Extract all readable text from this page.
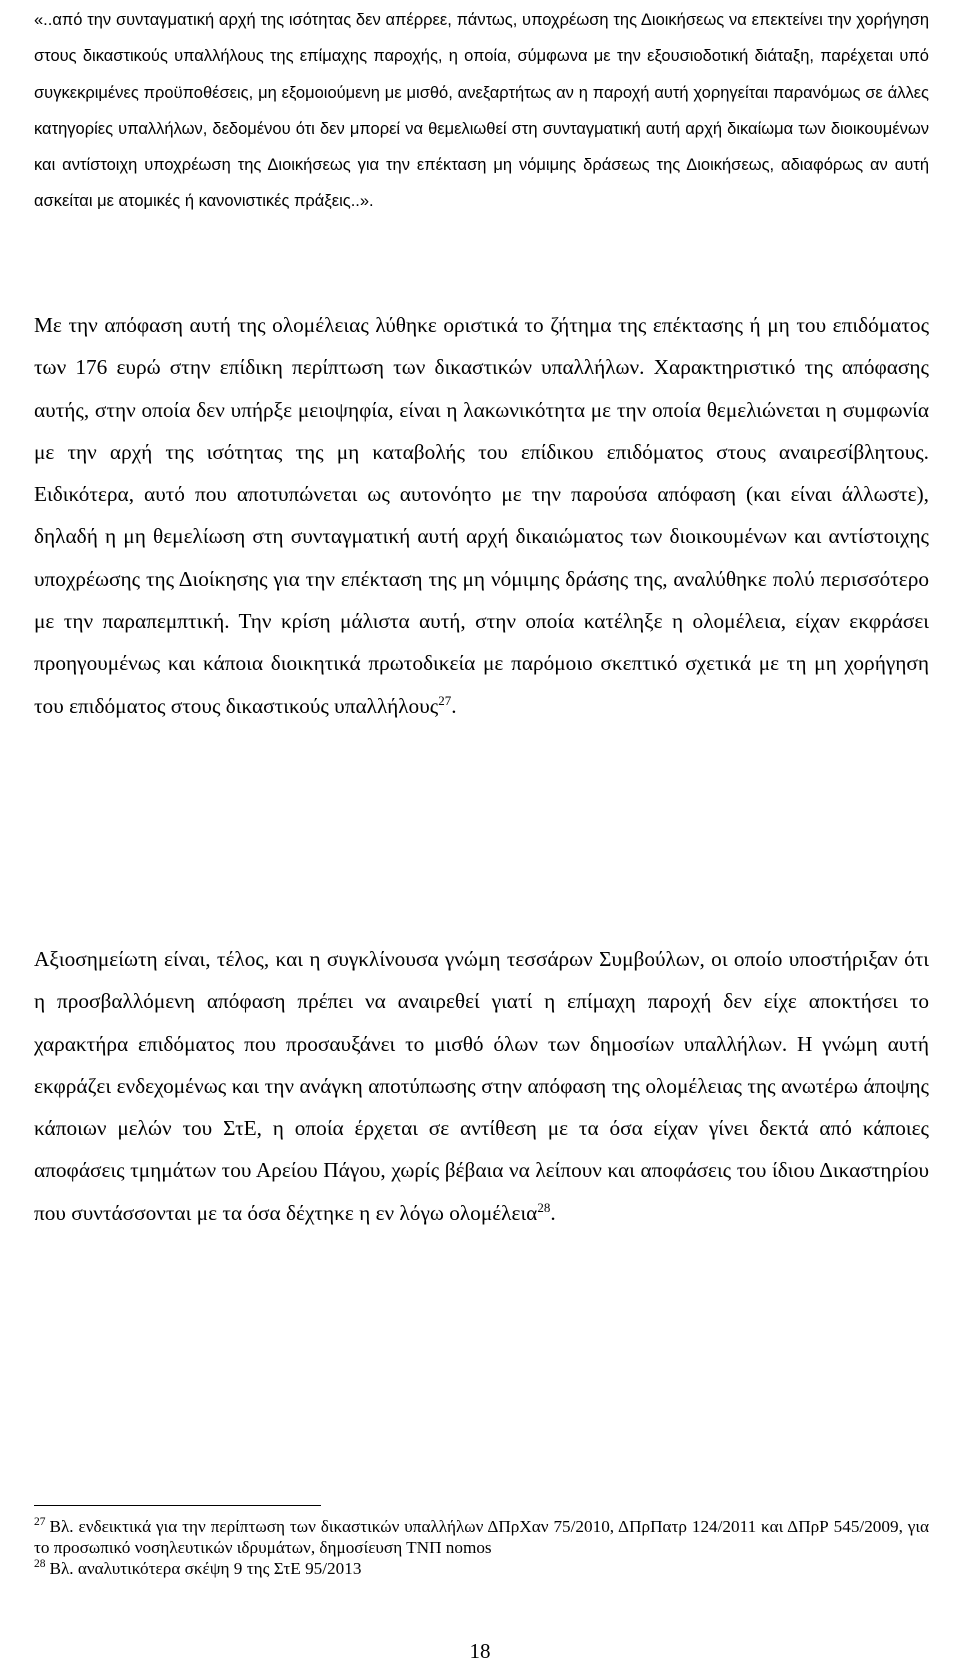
«..από την συνταγματική αρχή της ισότητας δεν απέρρεε, πάντως, υποχρέωση της Διοικήσεως να επεκτείνει την χορήγηση στους δικαστικούς υπαλλήλους της επίμαχης παροχής, η οποία, σύμφωνα με την εξουσιοδοτική διάταξη, παρέχεται υπό συγκεκριμένες προϋποθέσεις, μη εξομοιούμενη με μισθό, ανεξαρτήτως αν η παροχή αυτή χορηγείται παρανόμως σε άλλες κατηγορίες υπαλλήλων, δεδομένου ότι δεν μπορεί να θεμελιωθεί στη συνταγματική αυτή αρχή δικαίωμα των διοικουμένων και αντίστοιχη υποχρέωση της Διοικήσεως για την επέκταση μη νόμιμης δράσεως της Διοικήσεως, αδιαφόρως αν αυτή ασκείται με ατομικές ή κανονιστικές πράξεις..».

Με την απόφαση αυτή της ολομέλειας λύθηκε οριστικά το ζήτημα της επέκτασης ή μη του επιδόματος των 176 ευρώ στην επίδικη περίπτωση των δικαστικών υπαλλήλων. Χαρακτηριστικό της απόφασης αυτής, στην οποία δεν υπήρξε μειοψηφία, είναι η λακωνικότητα με την οποία θεμελιώνεται η συμφωνία με την αρχή της ισότητας της μη καταβολής του επίδικου επιδόματος στους αναιρεσίβλητους. Ειδικότερα, αυτό που αποτυπώνεται ως αυτονόητο με την παρούσα απόφαση (και είναι άλλωστε), δηλαδή η μη θεμελίωση στη συνταγματική αυτή αρχή δικαιώματος των διοικουμένων και αντίστοιχης υποχρέωσης της Διοίκησης για την επέκταση της μη νόμιμης δράσης της, αναλύθηκε πολύ περισσότερο με την παραπεμπτική. Την κρίση μάλιστα αυτή, στην οποία κατέληξε η ολομέλεια, είχαν εκφράσει προηγουμένως και κάποια διοικητικά πρωτοδικεία με παρόμοιο σκεπτικό σχετικά με τη μη χορήγηση του επιδόματος στους δικαστικούς υπαλλήλους$^{27}$.

Αξιοσημείωτη είναι, τέλος, και η συγκλίνουσα γνώμη τεσσάρων Συμβούλων, οι οποίο υποστήριξαν ότι η προσβαλλόμενη απόφαση πρέπει να αναιρεθεί γιατί η επίμαχη παροχή δεν είχε αποκτήσει το χαρακτήρα επιδόματος που προσαυξάνει το μισθό όλων των δημοσίων υπαλλήλων. Η γνώμη αυτή εκφράζει ενδεχομένως και την ανάγκη αποτύπωσης στην απόφαση της ολομέλειας της ανωτέρω άποψης κάποιων μελών του ΣτΕ, η οποία έρχεται σε αντίθεση με τα όσα είχαν γίνει δεκτά από κάποιες αποφάσεις τμημάτων του Αρείου Πάγου, χωρίς βέβαια να λείπουν και αποφάσεις του ίδιου Δικαστηρίου που συντάσσονται με τα όσα δέχτηκε η εν λόγω ολομέλεια$^{28}$.

$^{27}$ Βλ. ενδεικτικά για την περίπτωση των δικαστικών υπαλλήλων ΔΠρΧαν 75/2010, ΔΠρΠατρ 124/2011 και ΔΠρΡ 545/2009, για το προσωπικό νοσηλευτικών ιδρυμάτων, δημοσίευση ΤΝΠ nomos

$^{28}$ Βλ. αναλυτικότερα σκέψη 9 της ΣτΕ 95/2013

18
